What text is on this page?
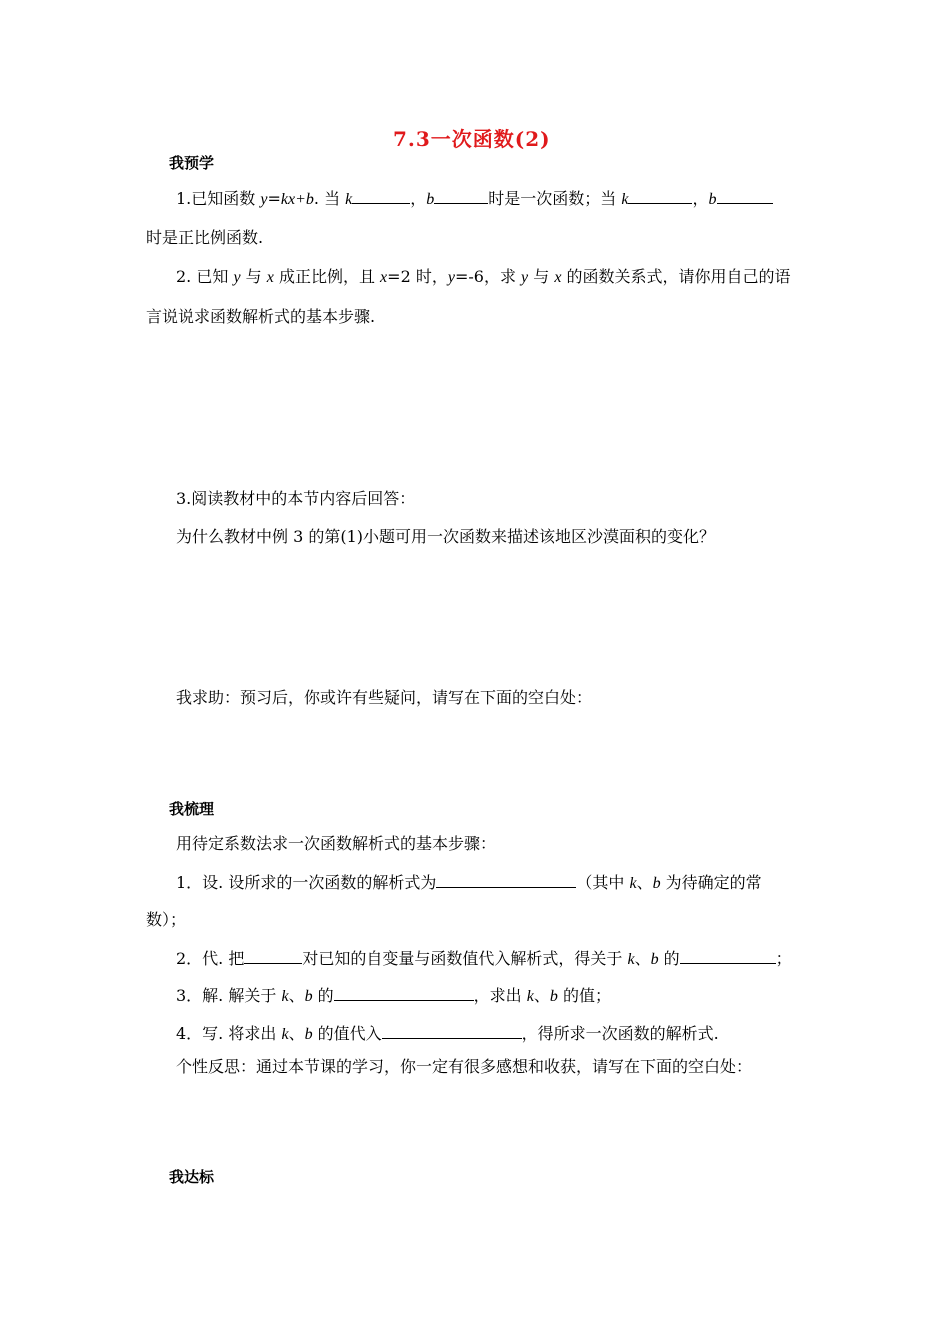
7.3一次函数(2)
我预学
1.已知函数 y=kx+b. 当 k	，b	时是一次函数；当 k	，b
时是正比例函数.
2. 已知 y 与 x 成正比例，且 x=2 时，y=-6，求 y 与 x 的函数关系式，请你用自己的语
言说说求函数解析式的基本步骤.
3.阅读教材中的本节内容后回答：
为什么教材中例 3 的第(1)小题可用一次函数来描述该地区沙漠面积的变化？
我求助：预习后，你或许有些疑问，请写在下面的空白处：
我梳理
用待定系数法求一次函数解析式的基本步骤：
1．设. 设所求的一次函数的解析式为	（其中 k、b 为待确定的常
数）；
2．代. 把	对已知的自变量与函数值代入解析式，得关于 k、b 的	；
3．解. 解关于 k、b 的	，求出 k、b 的值；
4．写. 将求出 k、b 的值代入	，得所求一次函数的解析式.
个性反思：通过本节课的学习，你一定有很多感想和收获，请写在下面的空白处：
我达标
